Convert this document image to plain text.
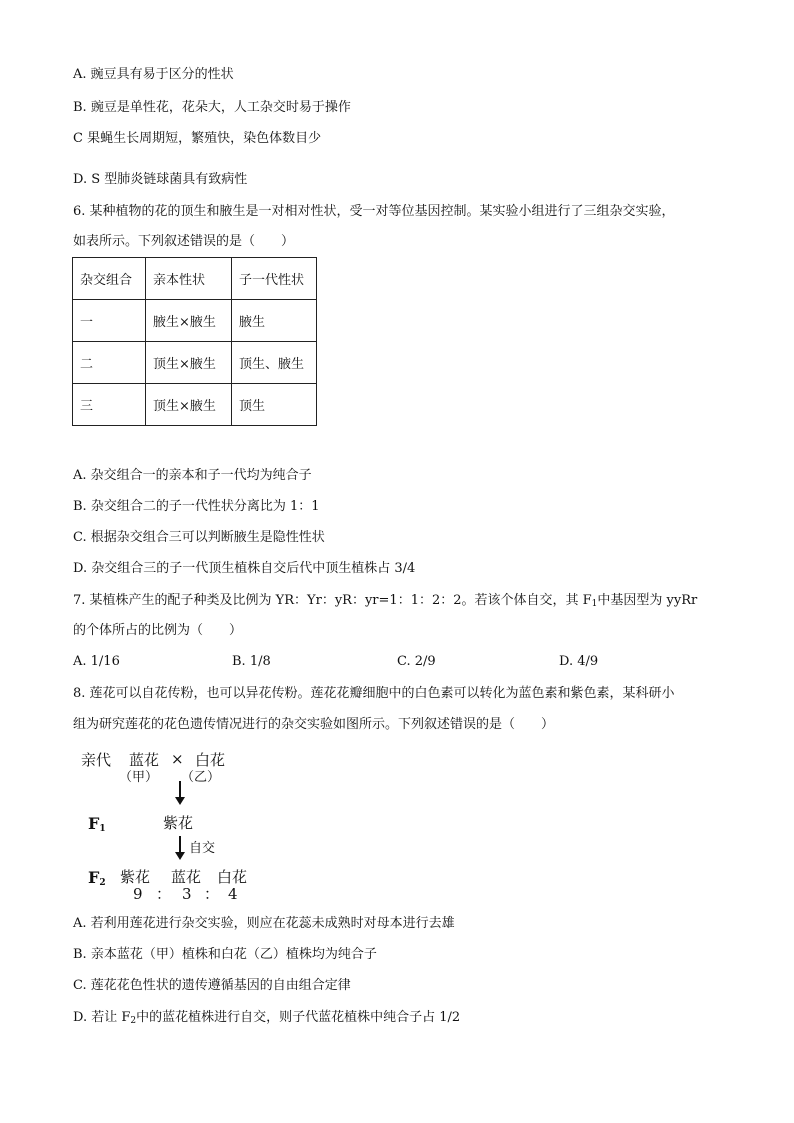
A. 豌豆具有易于区分的性状
B. 豌豆是单性花，花朵大，人工杂交时易于操作
C 果蝇生长周期短，繁殖快，染色体数目少
D. S 型肺炎链球菌具有致病性
6. 某种植物的花的顶生和腋生是一对相对性状，受一对等位基因控制。某实验小组进行了三组杂交实验，
如表所示。下列叙述错误的是（　　）
杂交组合	亲本性状	子一代性状
一	腋生×腋生	腋生
二	顶生×腋生	顶生、腋生
三	顶生×腋生	顶生
A. 杂交组合一的亲本和子一代均为纯合子
B. 杂交组合二的子一代性状分离比为 1：1
C. 根据杂交组合三可以判断腋生是隐性性状
D. 杂交组合三的子一代顶生植株自交后代中顶生植株占 3/4
7. 某植株产生的配子种类及比例为 YR：Yr：yR：yr=1：1：2：2。若该个体自交，其 $F_1$中基因型为 yyRr
的个体所占的比例为（　　）
A. 1/16	B. 1/8	C. 2/9	D. 4/9
8. 莲花可以自花传粉，也可以异花传粉。莲花花瓣细胞中的白色素可以转化为蓝色素和紫色素，某科研小
组为研究莲花的花色遗传情况进行的杂交实验如图所示。下列叙述错误的是（　　）
亲代 蓝花 × 白花
（甲） （乙）
$F_1$	紫花
自交
$F_2$ 紫花 蓝花 白花
9 ： 3 ： 4
A. 若利用莲花进行杂交实验，则应在花蕊未成熟时对母本进行去雄
B. 亲本蓝花（甲）植株和白花（乙）植株均为纯合子
C. 莲花花色性状的遗传遵循基因的自由组合定律
D. 若让 $F_2$中的蓝花植株进行自交，则子代蓝花植株中纯合子占 1/2
